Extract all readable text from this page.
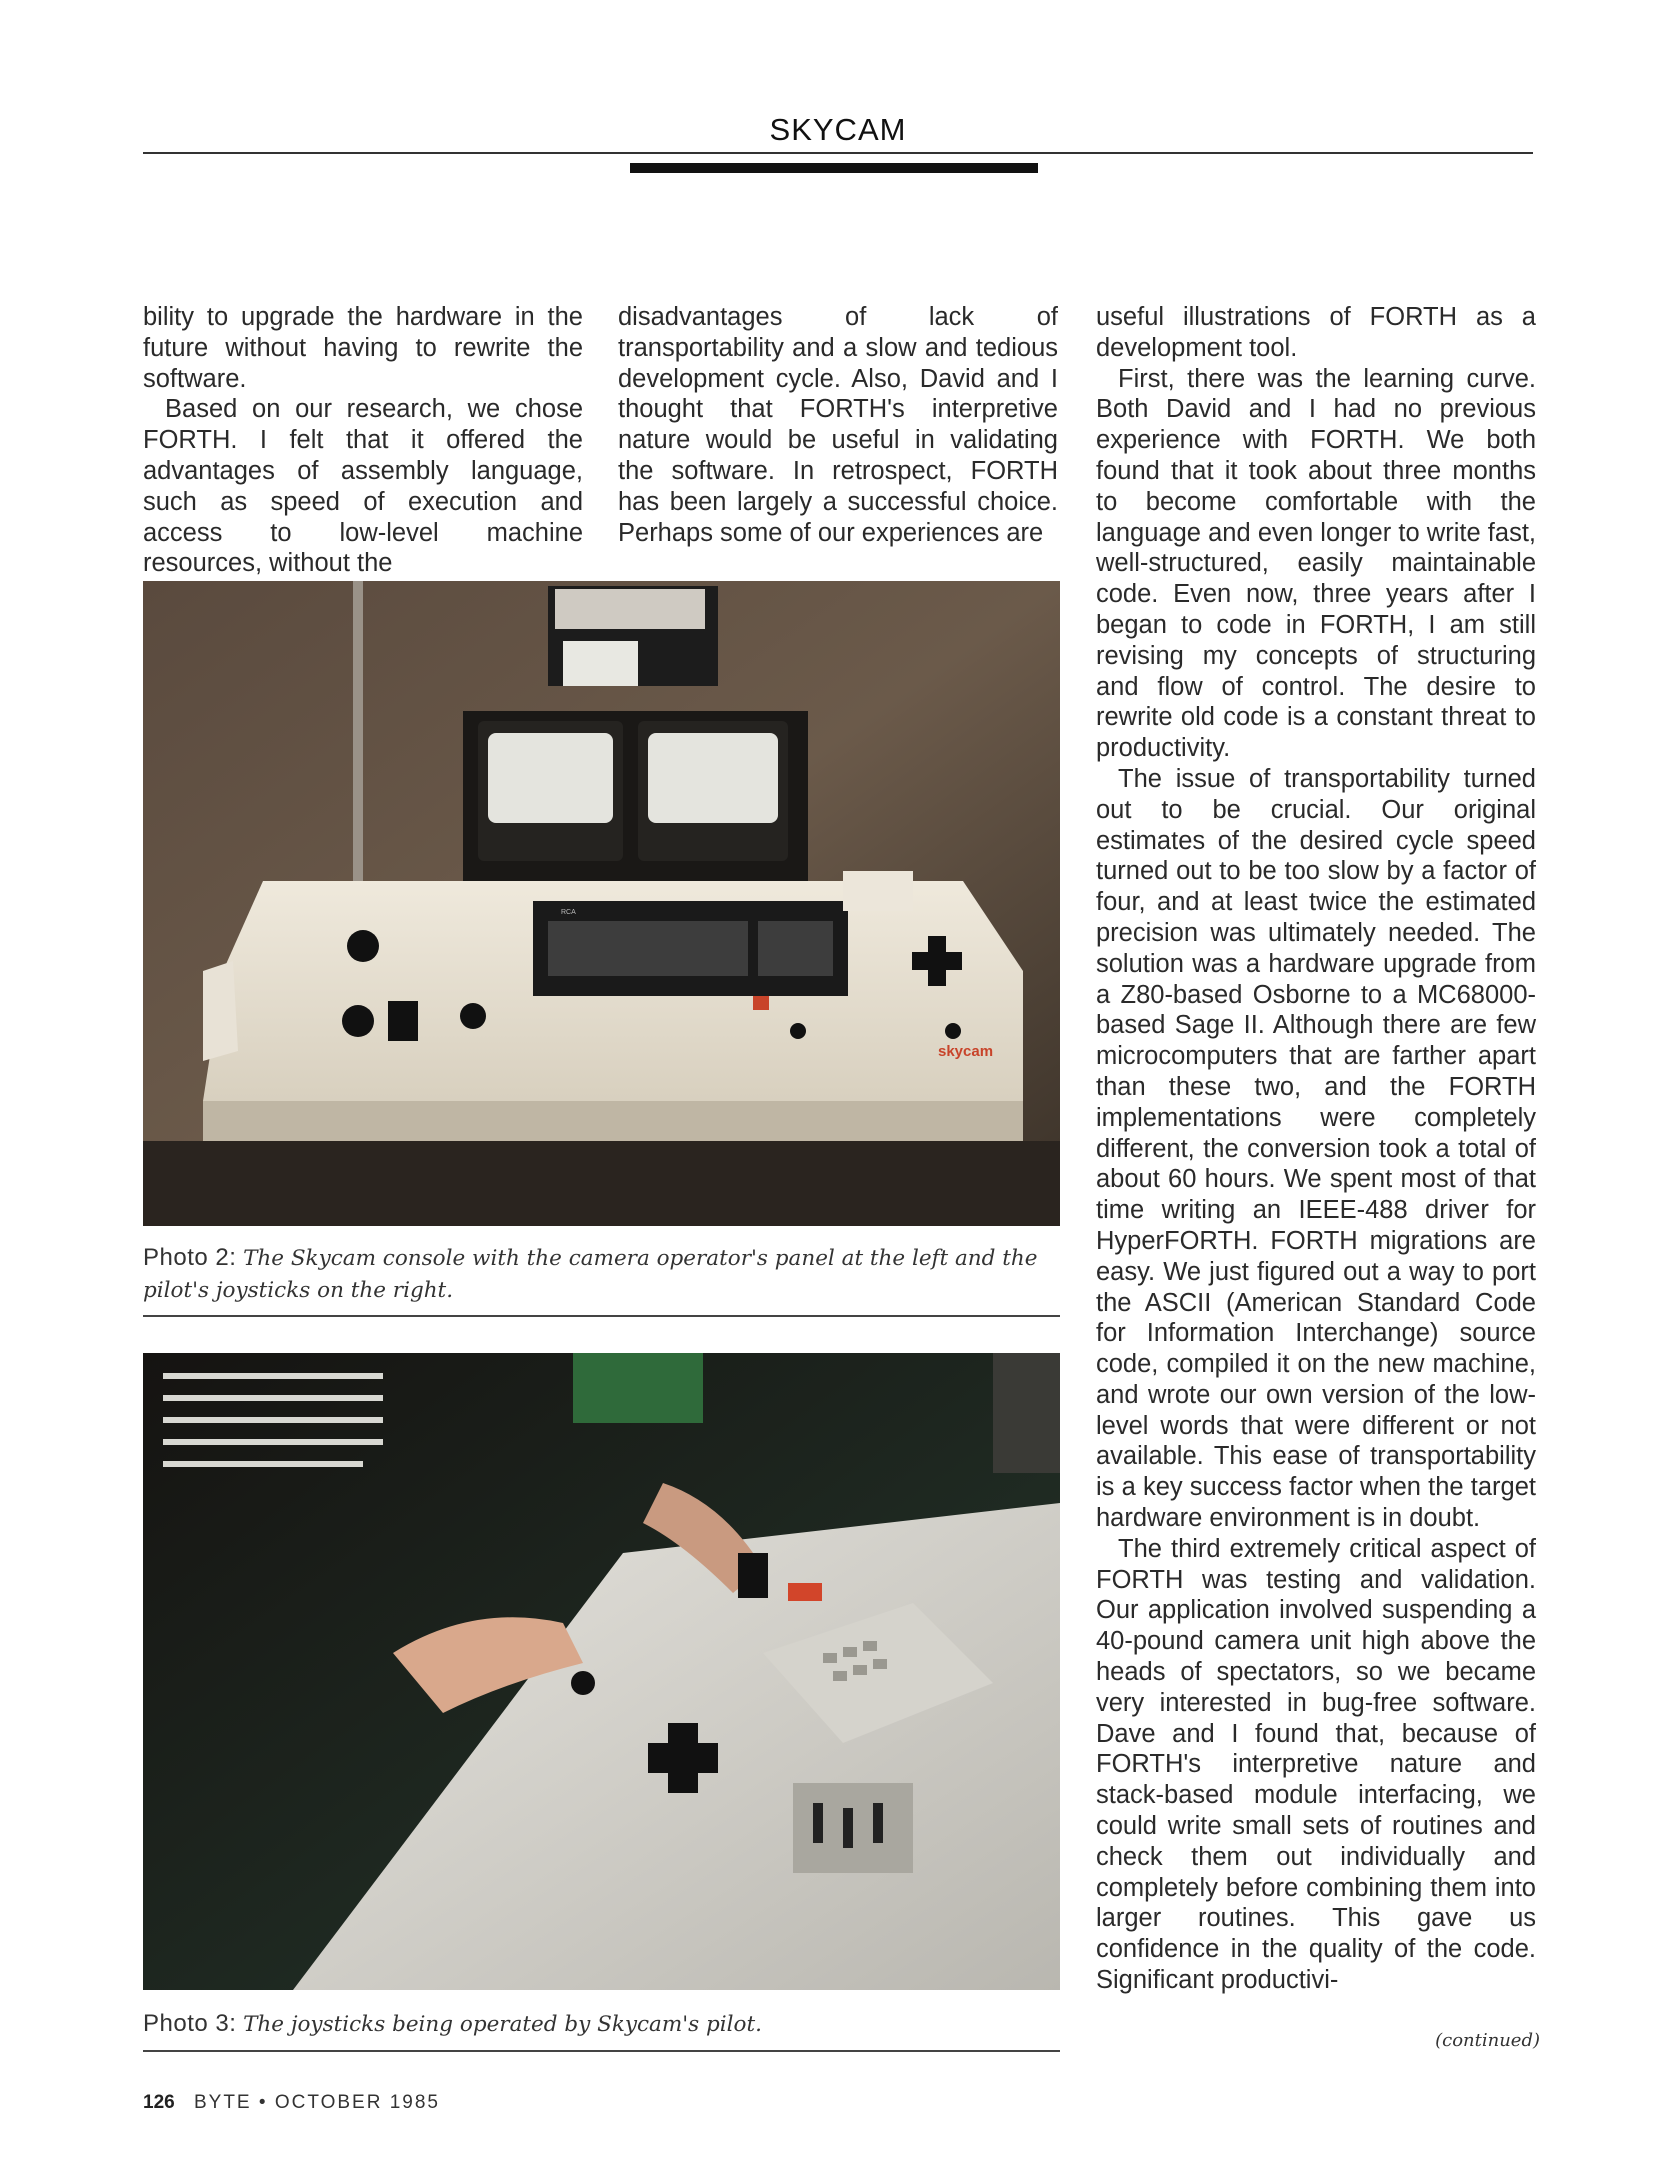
SKYCAM

bility to upgrade the hardware in the future without having to rewrite the software.

Based on our research, we chose FORTH. I felt that it offered the advantages of assembly language, such as speed of execution and access to low-level machine resources, without the

disadvantages of lack of transportability and a slow and tedious development cycle. Also, David and I thought that FORTH's interpretive nature would be useful in validating the software. In retrospect, FORTH has been largely a successful choice. Perhaps some of our experiences are

useful illustrations of FORTH as a development tool.

First, there was the learning curve. Both David and I had no previous experience with FORTH. We both found that it took about three months to become comfortable with the language and even longer to write fast, well-structured, easily maintainable code. Even now, three years after I began to code in FORTH, I am still revising my concepts of structuring and flow of control. The desire to rewrite old code is a constant threat to productivity.

The issue of transportability turned out to be crucial. Our original estimates of the desired cycle speed turned out to be too slow by a factor of four, and at least twice the estimated precision was ultimately needed. The solution was a hardware upgrade from a Z80-based Osborne to a MC68000-based Sage II. Although there are few microcomputers that are farther apart than these two, and the FORTH implementations were completely different, the conversion took a total of about 60 hours. We spent most of that time writing an IEEE-488 driver for HyperFORTH. FORTH migrations are easy. We just figured out a way to port the ASCII (American Standard Code for Information Interchange) source code, compiled it on the new machine, and wrote our own version of the low-level words that were different or not available. This ease of transportability is a key success factor when the target hardware environment is in doubt.

The third extremely critical aspect of FORTH was testing and validation. Our application involved suspending a 40-pound camera unit high above the heads of spectators, so we became very interested in bug-free software. Dave and I found that, because of FORTH's interpretive nature and stack-based module interfacing, we could write small sets of routines and check them out individually and completely before combining them into larger routines. This gave us confidence in the quality of the code. Significant productivi-

skycam
RCA
Photo 2: The Skycam console with the camera operator's panel at the left and the pilot's joysticks on the right.
Photo 3: The joysticks being operated by Skycam's pilot.
(continued)
126 BYTE • OCTOBER 1985
